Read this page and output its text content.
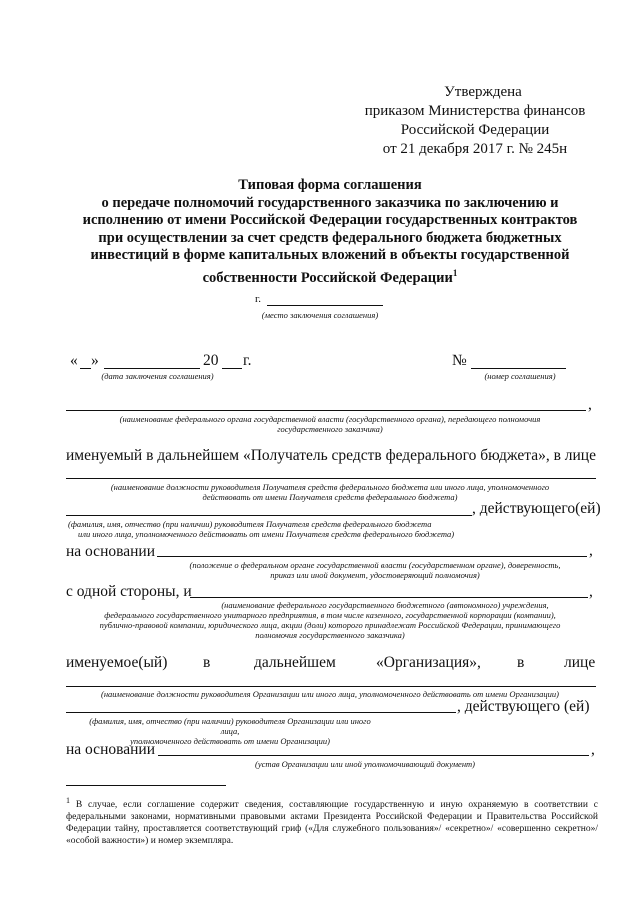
Утверждена
приказом Министерства финансов
Российской Федерации
от 21 декабря 2017 г. № 245н
Типовая форма соглашения
о передаче полномочий государственного заказчика по заключению и
исполнению от имени Российской Федерации государственных контрактов
при осуществлении за счет средств федерального бюджета бюджетных
инвестиций в форме капитальных вложений в объекты государственной
собственности Российской Федерации$^1$
г.
(место заключения соглашения)
« »	20 г.
(дата заключения соглашения)
№
(номер соглашения)
,
(наименование федерального органа государственной власти (государственного органа), передающего полномочия
государственного заказчика)
именуемый в дальнейшем «Получатель средств федерального бюджета», в лице
(наименование должности руководителя Получателя средств федерального бюджета или иного лица, уполномоченного
действовать от имени Получателя средств федерального бюджета)
, действующего(ей)
(фамилия, имя, отчество (при наличии) руководителя Получателя средств федерального бюджета
или иного лица, уполномоченного действовать от имени Получателя средств федерального бюджета)
на основании	,
(положение о федеральном органе государственной власти (государственном органе), доверенность,
приказ или иной документ, удостоверяющий полномочия)
с одной стороны, и	,
(наименование федерального государственного бюджетного (автономного) учреждения,
федерального государственного унитарного предприятия, в том числе казенного, государственной корпорации (компании),
публично-правовой компании, юридического лица, акции (доли) которого принадлежат Российской Федерации, принимающего
полномочия государственного заказчика)
именуемое(ый) в	дальнейшем	«Организация», в	лице
(наименование должности руководителя Организации или иного лица, уполномоченного действовать от имени Организации)
, действующего (ей)
(фамилия, имя, отчество (при наличии) руководителя Организации или иного лица,
уполномоченного действовать от имени Организации)
на основании	,
(устав Организации или иной уполномочивающий документ)
$^1$ В случае, если соглашение содержит сведения, составляющие государственную и иную охраняемую в соответствии с федеральными законами, нормативными правовыми актами Президента Российской Федерации и Правительства Российской Федерации тайну, проставляется соответствующий гриф («Для служебного пользования»/ «секретно»/ «совершенно секретно»/ «особой важности») и номер экземпляра.
